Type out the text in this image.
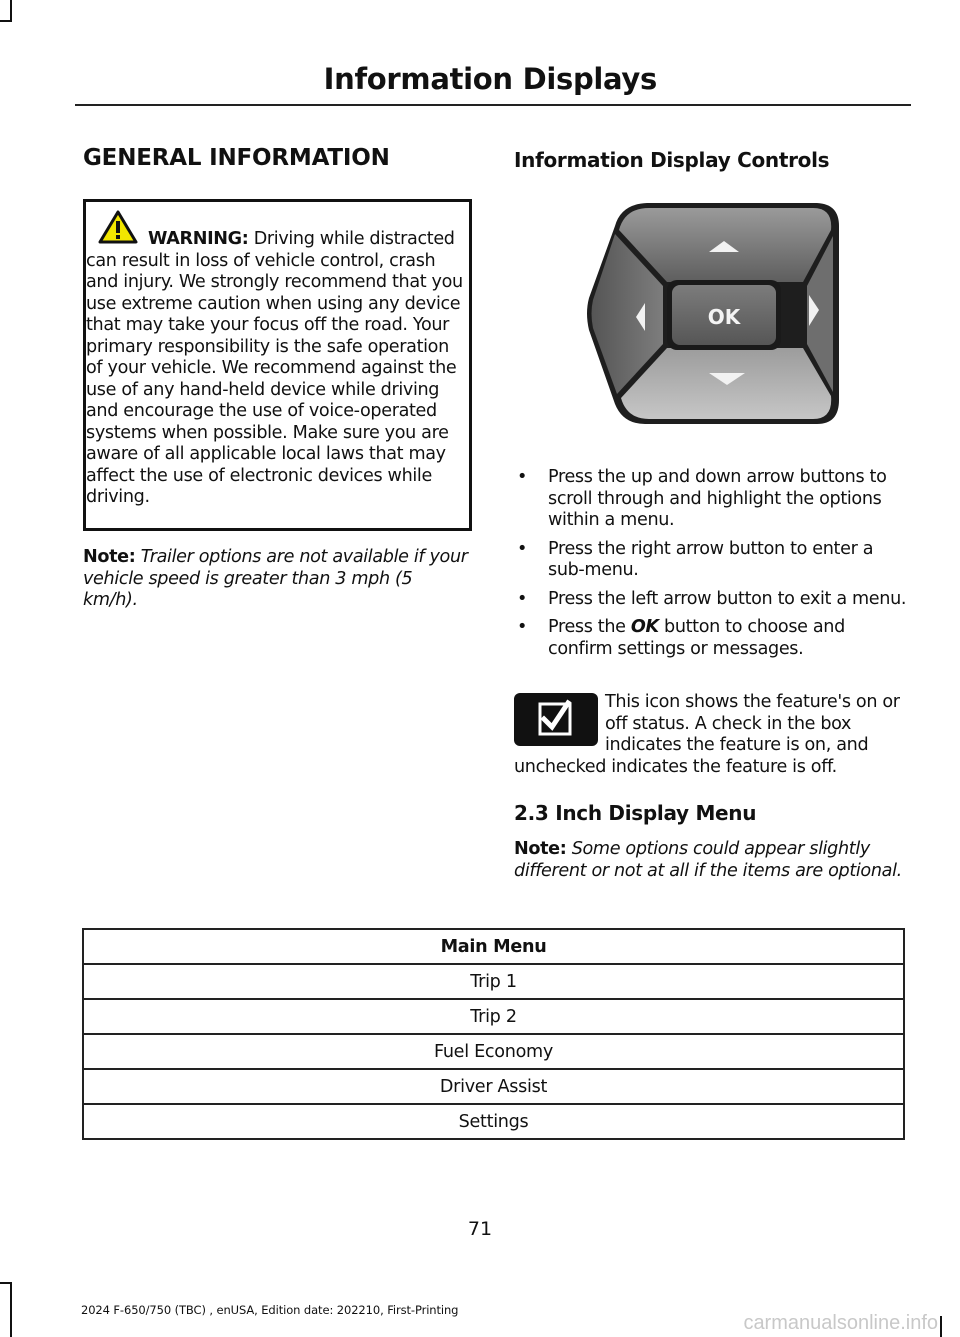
Information Displays
GENERAL INFORMATION
WARNING: Driving while distracted
can result in loss of vehicle control, crash and injury. We strongly recommend that you use extreme caution when using any device that may take your focus off the road. Your primary responsibility is the safe operation of your vehicle. We recommend against the use of any hand-held device while driving and encourage the use of voice-operated systems when possible. Make sure you are aware of all applicable local laws that may affect the use of electronic devices while driving.
Note: Trailer options are not available if your vehicle speed is greater than 3 mph (5 km/h).
Information Display Controls
OK
• Press the up and down arrow buttons to scroll through and highlight the options within a menu.
• Press the right arrow button to enter a sub-menu.
• Press the left arrow button to exit a menu.
• Press the OK button to choose and confirm settings or messages.
This icon shows the feature's on or off status. A check in the box indicates the feature is on, and unchecked indicates the feature is off.
2.3 Inch Display Menu
Note: Some options could appear slightly different or not at all if the items are optional.
Main Menu
Trip 1
Trip 2
Fuel Economy
Driver Assist
Settings
71
2024 F-650/750 (TBC) , enUSA, Edition date: 202210, First-Printing
carmanualsonline.info
